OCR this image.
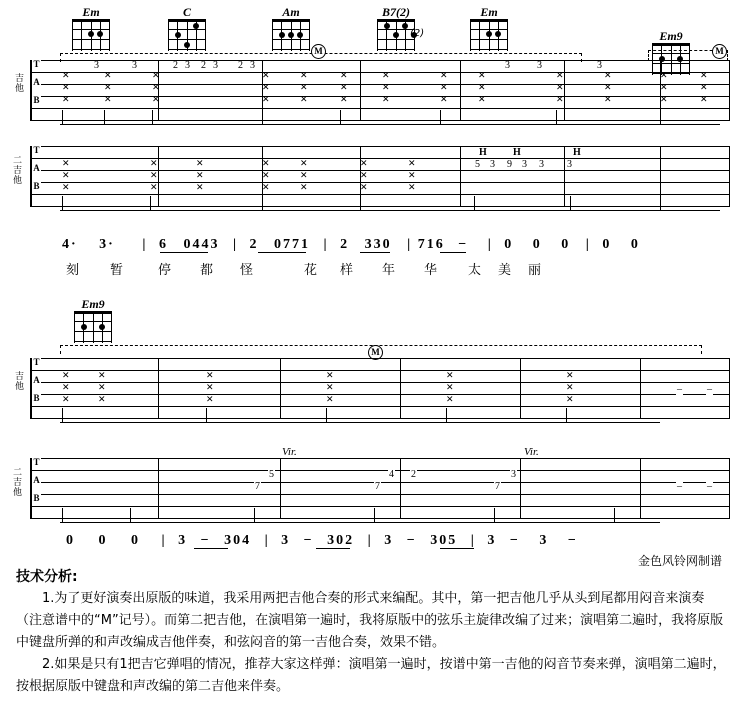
Em	C	Am	B7(2)
(2)
Em
Em9
T
A
B
吉他
3	3	2 3 2 3 2 3	3	3	3
M	M
✕
✕
✕
✕
✕
✕
✕
✕
✕
✕
✕
✕
✕
✕
✕
✕
✕
✕
✕
✕
✕
✕
✕
✕
✕
✕
✕
✕
✕
✕
✕
✕
✕
✕
✕
✕
✕
✕
✕
T
A
B
二吉他
H	H	H
5 3 9 3 3 3
✕
✕
✕
✕
✕
✕
✕
✕
✕
✕
✕
✕
✕
✕
✕
✕
✕
✕
✕
✕
✕
4· 3· | 6 0443 | 2 0771 | 2 330 | 716 − | 0 0 0 | 0 0
刻 暂	停 都 怪	花 样 年 华 太 美 丽
Em9
M
T
A
B
吉他
✕
✕
✕
✕
✕
✕
✕
✕
✕
✕
✕
✕
✕
✕
✕
✕
✕
✕
–	–
Vir.	Vir.
T
A
B
二吉他
5
7
4 2
7
3
7	–	–
0 0 0 | 3 − 304 | 3 − 302 | 3 − 305 | 3 − 3 −
金色风铃网制谱
技术分析:

1.为了更好演奏出原版的味道，我采用两把吉他合奏的形式来编配。其中，第一把吉他几乎从头到尾都用闷音来演奏（注意谱中的“M”记号）。而第二把吉他，在演唱第一遍时，我将原版中的弦乐主旋律改编了过来；演唱第二遍时，我将原版中键盘所弹的和声改编成吉他伴奏，和弦闷音的第一吉他合奏，效果不错。

2.如果是只有1把吉它弹唱的情况，推荐大家这样弹：演唱第一遍时，按谱中第一吉他的闷音节奏来弹，演唱第二遍时，按根据原版中键盘和声改编的第二吉他来伴奏。
